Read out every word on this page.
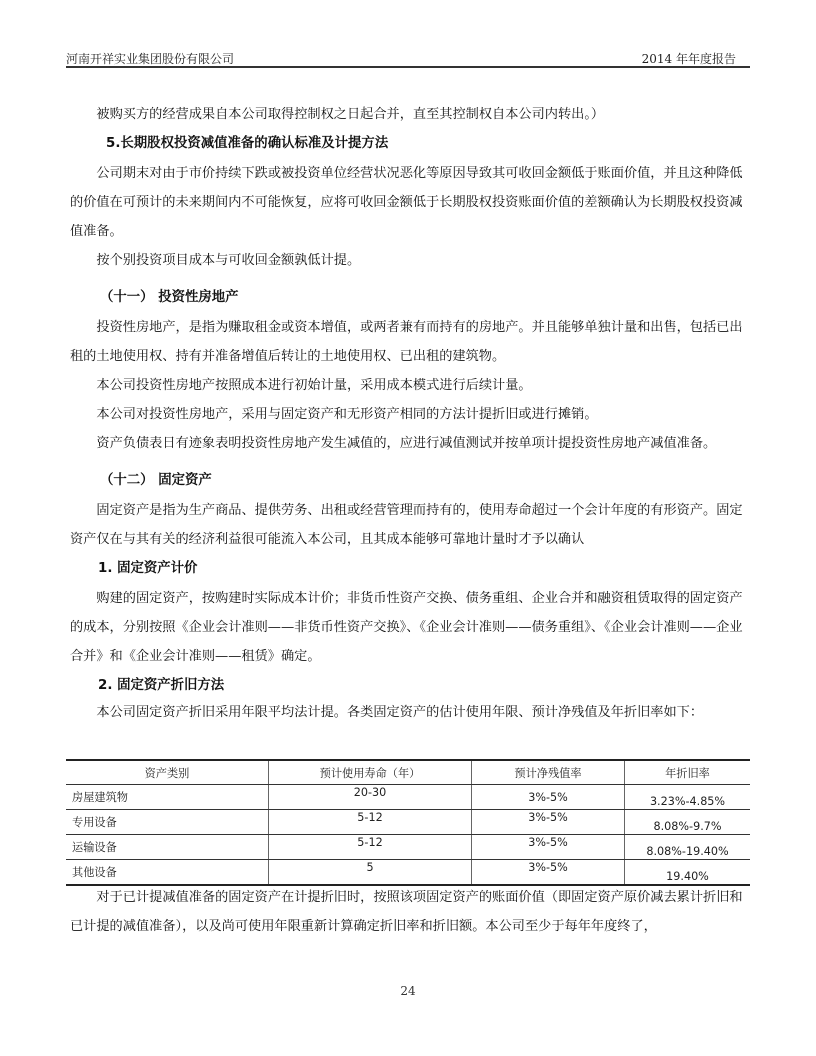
河南开祥实业集团股份有限公司	2014 年年度报告

被购买方的经营成果自本公司取得控制权之日起合并，直至其控制权自本公司内转出。）

5.长期股权投资减值准备的确认标准及计提方法

公司期末对由于市价持续下跌或被投资单位经营状况恶化等原因导致其可收回金额低于账面价值，并且这种降低的价值在可预计的未来期间内不可能恢复，应将可收回金额低于长期股权投资账面价值的差额确认为长期股权投资减值准备。

按个别投资项目成本与可收回金额孰低计提。

（十一） 投资性房地产

投资性房地产，是指为赚取租金或资本增值，或两者兼有而持有的房地产。并且能够单独计量和出售，包括已出租的土地使用权、持有并准备增值后转让的土地使用权、已出租的建筑物。

本公司投资性房地产按照成本进行初始计量，采用成本模式进行后续计量。

本公司对投资性房地产，采用与固定资产和无形资产相同的方法计提折旧或进行摊销。

资产负债表日有迹象表明投资性房地产发生减值的，应进行减值测试并按单项计提投资性房地产减值准备。

（十二） 固定资产

固定资产是指为生产商品、提供劳务、出租或经营管理而持有的，使用寿命超过一个会计年度的有形资产。固定资产仅在与其有关的经济利益很可能流入本公司，且其成本能够可靠地计量时才予以确认

1. 固定资产计价

购建的固定资产，按购建时实际成本计价；非货币性资产交换、债务重组、企业合并和融资租赁取得的固定资产的成本，分别按照《企业会计准则——非货币性资产交换》、《企业会计准则——债务重组》、《企业会计准则——企业合并》和《企业会计准则——租赁》确定。

2. 固定资产折旧方法

本公司固定资产折旧采用年限平均法计提。各类固定资产的估计使用年限、预计净残值及年折旧率如下：

资产类别	预计使用寿命（年）	预计净残值率	年折旧率
房屋建筑物	20-30	3%-5%	3.23%-4.85%
专用设备	5-12	3%-5%	8.08%-9.7%
运输设备	5-12	3%-5%	8.08%-19.40%
其他设备	5	3%-5%	19.40%

对于已计提减值准备的固定资产在计提折旧时，按照该项固定资产的账面价值（即固定资产原价减去累计折旧和已计提的减值准备），以及尚可使用年限重新计算确定折旧率和折旧额。本公司至少于每年年度终了，

24
